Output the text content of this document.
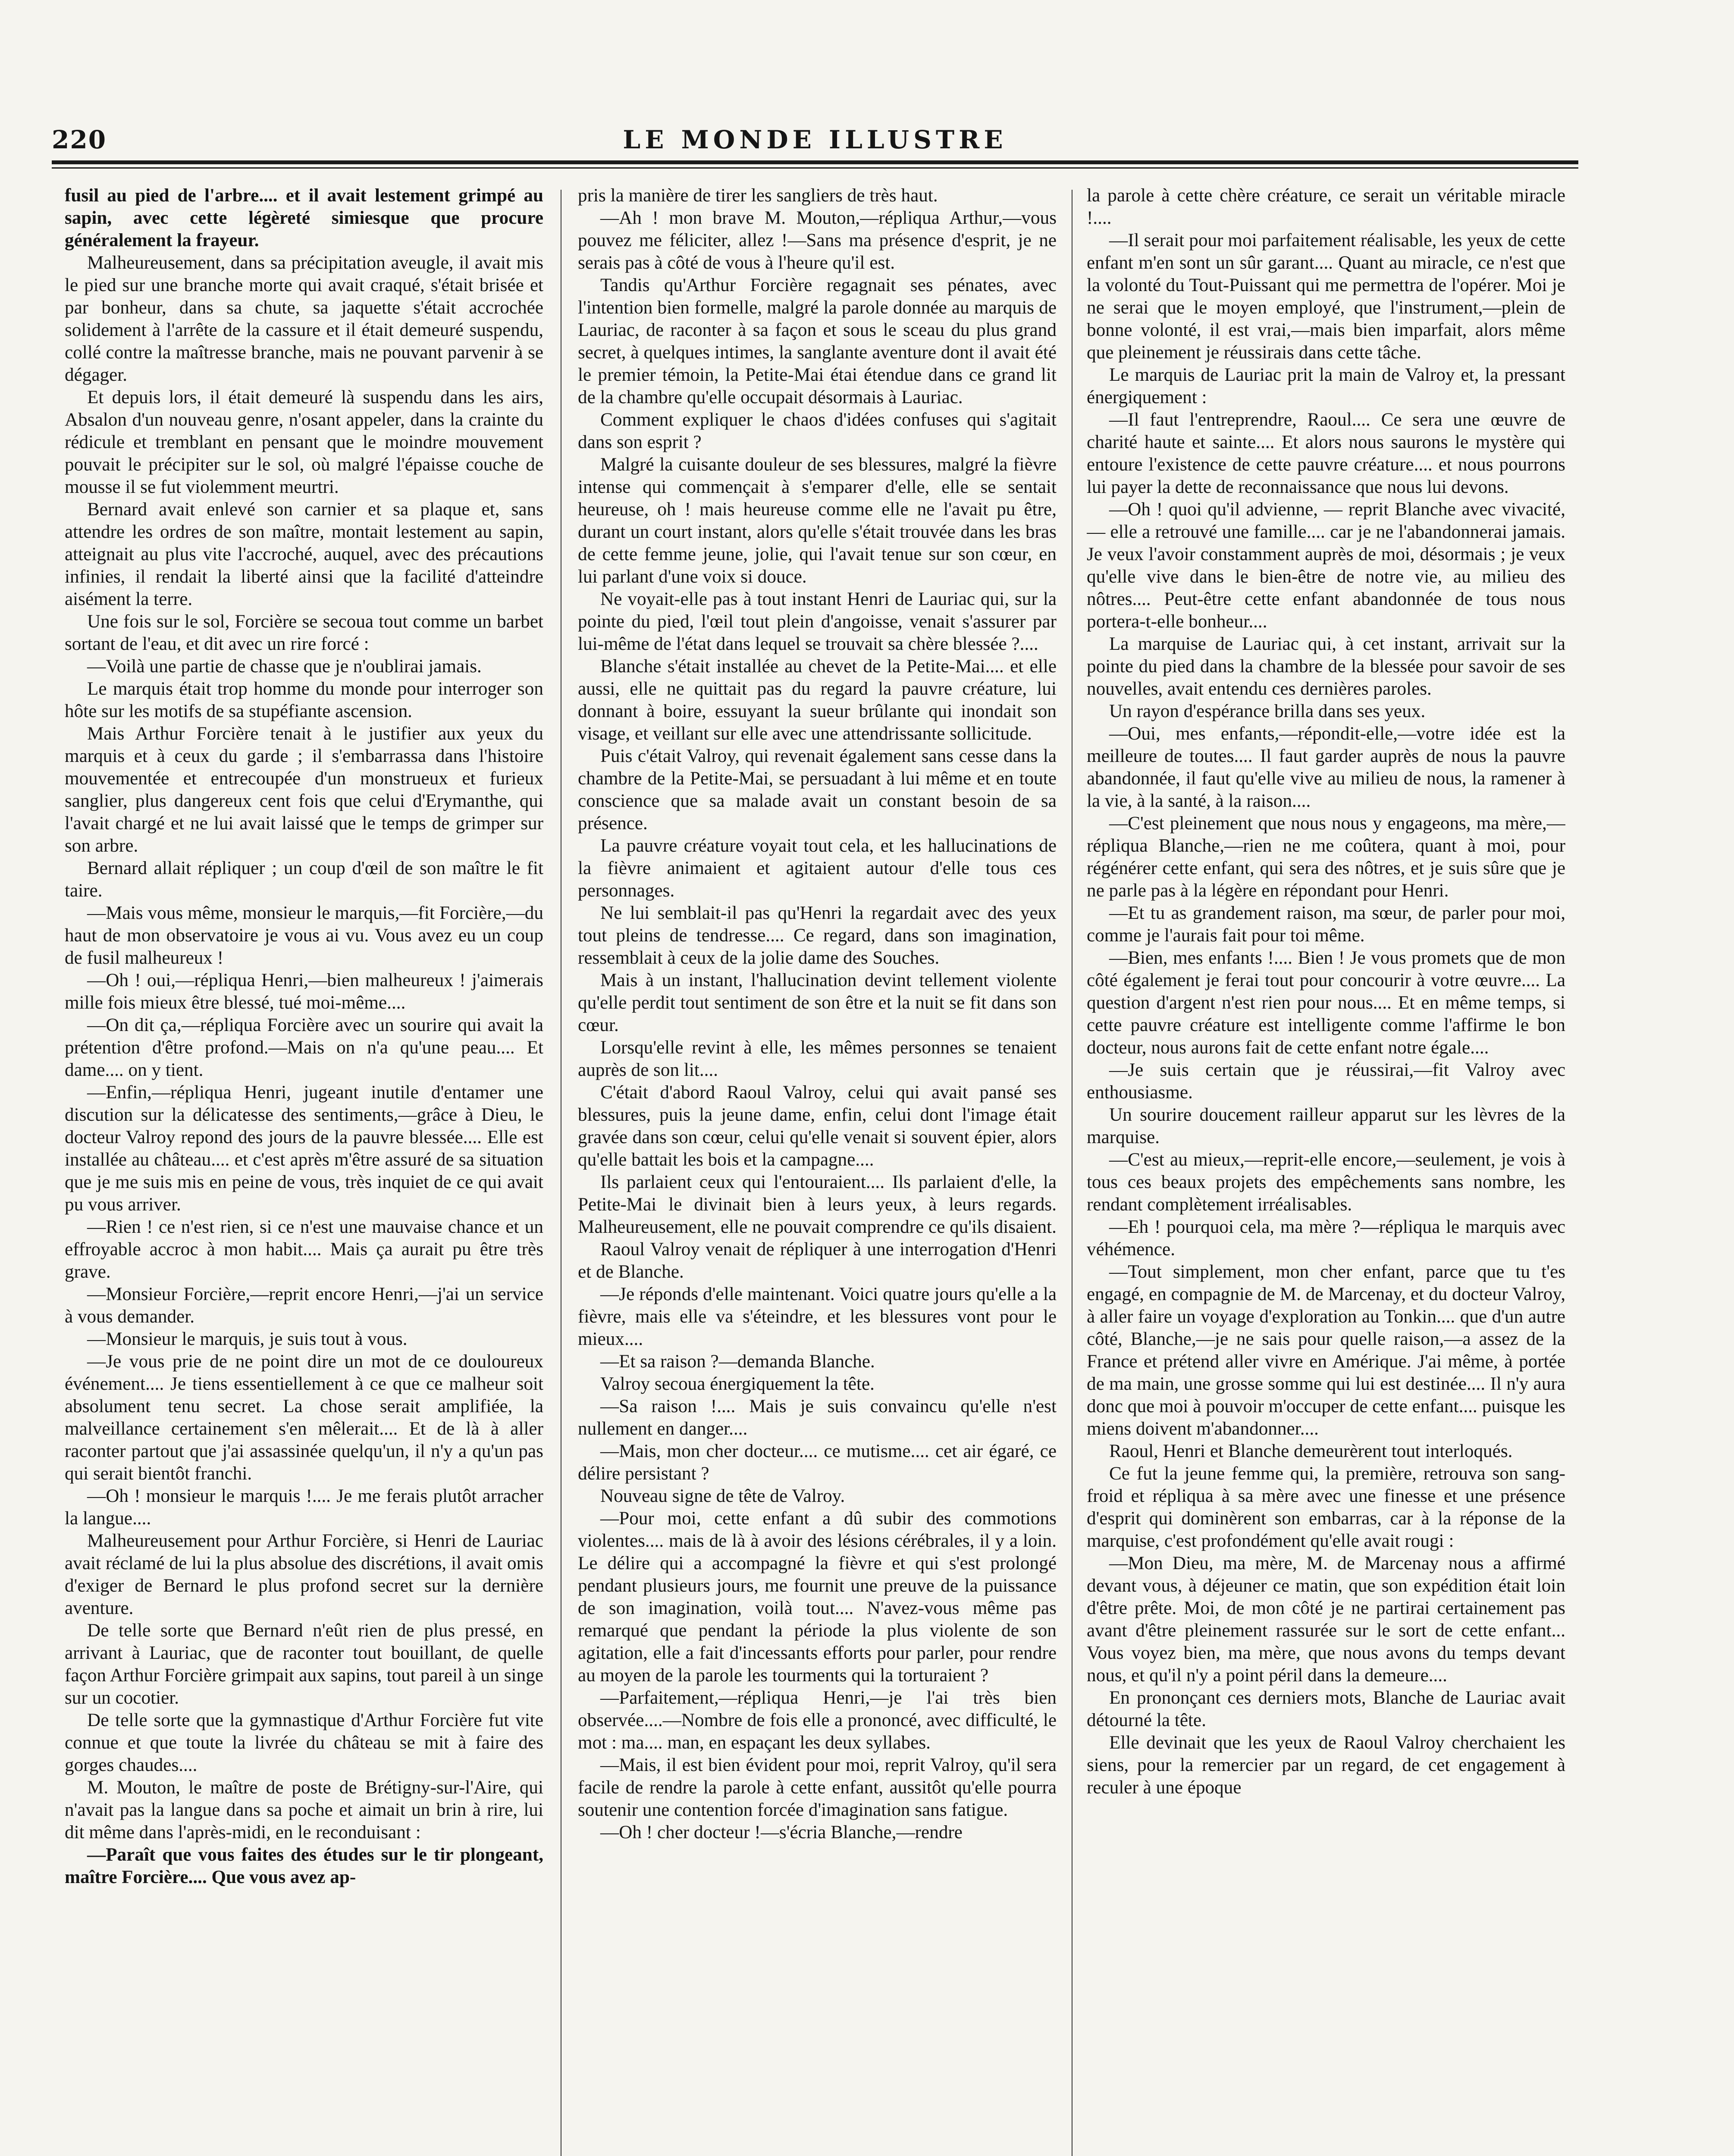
220	LE MONDE ILLUSTRE

fusil au pied de l'arbre.... et il avait lestement grimpé au sapin, avec cette légèreté simiesque que procure généralement la frayeur.

Malheureusement, dans sa précipitation aveugle, il avait mis le pied sur une branche morte qui avait craqué, s'était brisée et par bonheur, dans sa chute, sa jaquette s'était accrochée solidement à l'arrête de la cassure et il était demeuré suspendu, collé contre la maîtresse branche, mais ne pouvant parvenir à se dégager.

Et depuis lors, il était demeuré là suspendu dans les airs, Absalon d'un nouveau genre, n'osant appeler, dans la crainte du rédicule et tremblant en pensant que le moindre mouvement pouvait le précipiter sur le sol, où malgré l'épaisse couche de mousse il se fut violemment meurtri.

Bernard avait enlevé son carnier et sa plaque et, sans attendre les ordres de son maître, montait lestement au sapin, atteignait au plus vite l'accroché, auquel, avec des précautions infinies, il rendait la liberté ainsi que la facilité d'atteindre aisément la terre.

Une fois sur le sol, Forcière se secoua tout comme un barbet sortant de l'eau, et dit avec un rire forcé :

—Voilà une partie de chasse que je n'oublirai jamais.

Le marquis était trop homme du monde pour interroger son hôte sur les motifs de sa stupéfiante ascension.

Mais Arthur Forcière tenait à le justifier aux yeux du marquis et à ceux du garde ; il s'embarrassa dans l'histoire mouvementée et entrecoupée d'un monstrueux et furieux sanglier, plus dangereux cent fois que celui d'Erymanthe, qui l'avait chargé et ne lui avait laissé que le temps de grimper sur son arbre.

Bernard allait répliquer ; un coup d'œil de son maître le fit taire.

—Mais vous même, monsieur le marquis,—fit Forcière,—du haut de mon observatoire je vous ai vu. Vous avez eu un coup de fusil malheureux !

—Oh ! oui,—répliqua Henri,—bien malheureux ! j'aimerais mille fois mieux être blessé, tué moi-même....

—On dit ça,—répliqua Forcière avec un sourire qui avait la prétention d'être profond.—Mais on n'a qu'une peau.... Et dame.... on y tient.

—Enfin,—répliqua Henri, jugeant inutile d'entamer une discution sur la délicatesse des sentiments,—grâce à Dieu, le docteur Valroy repond des jours de la pauvre blessée.... Elle est installée au château.... et c'est après m'être assuré de sa situation que je me suis mis en peine de vous, très inquiet de ce qui avait pu vous arriver.

—Rien ! ce n'est rien, si ce n'est une mauvaise chance et un effroyable accroc à mon habit.... Mais ça aurait pu être très grave.

—Monsieur Forcière,—reprit encore Henri,—j'ai un service à vous demander.

—Monsieur le marquis, je suis tout à vous.

—Je vous prie de ne point dire un mot de ce douloureux événement.... Je tiens essentiellement à ce que ce malheur soit absolument tenu secret. La chose serait amplifiée, la malveillance certainement s'en mêlerait.... Et de là à aller raconter partout que j'ai assassinée quelqu'un, il n'y a qu'un pas qui serait bientôt franchi.

—Oh ! monsieur le marquis !.... Je me ferais plutôt arracher la langue....

Malheureusement pour Arthur Forcière, si Henri de Lauriac avait réclamé de lui la plus absolue des discrétions, il avait omis d'exiger de Bernard le plus profond secret sur la dernière aventure.

De telle sorte que Bernard n'eût rien de plus pressé, en arrivant à Lauriac, que de raconter tout bouillant, de quelle façon Arthur Forcière grimpait aux sapins, tout pareil à un singe sur un cocotier.

De telle sorte que la gymnastique d'Arthur Forcière fut vite connue et que toute la livrée du château se mit à faire des gorges chaudes....

M. Mouton, le maître de poste de Brétigny-sur-l'Aire, qui n'avait pas la langue dans sa poche et aimait un brin à rire, lui dit même dans l'après-midi, en le reconduisant :

—Paraît que vous faites des études sur le tir plongeant, maître Forcière.... Que vous avez ap-

pris la manière de tirer les sangliers de très haut.

—Ah ! mon brave M. Mouton,—répliqua Arthur,—vous pouvez me féliciter, allez !—Sans ma présence d'esprit, je ne serais pas à côté de vous à l'heure qu'il est.

Tandis qu'Arthur Forcière regagnait ses pénates, avec l'intention bien formelle, malgré la parole donnée au marquis de Lauriac, de raconter à sa façon et sous le sceau du plus grand secret, à quelques intimes, la sanglante aventure dont il avait été le premier témoin, la Petite-Mai étai étendue dans ce grand lit de la chambre qu'elle occupait désormais à Lauriac.

Comment expliquer le chaos d'idées confuses qui s'agitait dans son esprit ?

Malgré la cuisante douleur de ses blessures, malgré la fièvre intense qui commençait à s'emparer d'elle, elle se sentait heureuse, oh ! mais heureuse comme elle ne l'avait pu être, durant un court instant, alors qu'elle s'était trouvée dans les bras de cette femme jeune, jolie, qui l'avait tenue sur son cœur, en lui parlant d'une voix si douce.

Ne voyait-elle pas à tout instant Henri de Lauriac qui, sur la pointe du pied, l'œil tout plein d'angoisse, venait s'assurer par lui-même de l'état dans lequel se trouvait sa chère blessée ?....

Blanche s'était installée au chevet de la Petite-Mai.... et elle aussi, elle ne quittait pas du regard la pauvre créature, lui donnant à boire, essuyant la sueur brûlante qui inondait son visage, et veillant sur elle avec une attendrissante sollicitude.

Puis c'était Valroy, qui revenait également sans cesse dans la chambre de la Petite-Mai, se persuadant à lui même et en toute conscience que sa malade avait un constant besoin de sa présence.

La pauvre créature voyait tout cela, et les hallucinations de la fièvre animaient et agitaient autour d'elle tous ces personnages.

Ne lui semblait-il pas qu'Henri la regardait avec des yeux tout pleins de tendresse.... Ce regard, dans son imagination, ressemblait à ceux de la jolie dame des Souches.

Mais à un instant, l'hallucination devint tellement violente qu'elle perdit tout sentiment de son être et la nuit se fit dans son cœur.

Lorsqu'elle revint à elle, les mêmes personnes se tenaient auprès de son lit....

C'était d'abord Raoul Valroy, celui qui avait pansé ses blessures, puis la jeune dame, enfin, celui dont l'image était gravée dans son cœur, celui qu'elle venait si souvent épier, alors qu'elle battait les bois et la campagne....

Ils parlaient ceux qui l'entouraient.... Ils parlaient d'elle, la Petite-Mai le divinait bien à leurs yeux, à leurs regards. Malheureusement, elle ne pouvait comprendre ce qu'ils disaient.

Raoul Valroy venait de répliquer à une interrogation d'Henri et de Blanche.

—Je réponds d'elle maintenant. Voici quatre jours qu'elle a la fièvre, mais elle va s'éteindre, et les blessures vont pour le mieux....

—Et sa raison ?—demanda Blanche.

Valroy secoua énergiquement la tête.

—Sa raison !.... Mais je suis convaincu qu'elle n'est nullement en danger....

—Mais, mon cher docteur.... ce mutisme.... cet air égaré, ce délire persistant ?

Nouveau signe de tête de Valroy.

—Pour moi, cette enfant a dû subir des commotions violentes.... mais de là à avoir des lésions cérébrales, il y a loin. Le délire qui a accompagné la fièvre et qui s'est prolongé pendant plusieurs jours, me fournit une preuve de la puissance de son imagination, voilà tout.... N'avez-vous même pas remarqué que pendant la période la plus violente de son agitation, elle a fait d'incessants efforts pour parler, pour rendre au moyen de la parole les tourments qui la torturaient ?

—Parfaitement,—répliqua Henri,—je l'ai très bien observée....—Nombre de fois elle a prononcé, avec difficulté, le mot : ma.... man, en espaçant les deux syllabes.

—Mais, il est bien évident pour moi, reprit Valroy, qu'il sera facile de rendre la parole à cette enfant, aussitôt qu'elle pourra soutenir une contention forcée d'imagination sans fatigue.

—Oh ! cher docteur !—s'écria Blanche,—rendre

la parole à cette chère créature, ce serait un véritable miracle !....

—Il serait pour moi parfaitement réalisable, les yeux de cette enfant m'en sont un sûr garant.... Quant au miracle, ce n'est que la volonté du Tout-Puissant qui me permettra de l'opérer. Moi je ne serai que le moyen employé, que l'instrument,—plein de bonne volonté, il est vrai,—mais bien imparfait, alors même que pleinement je réussirais dans cette tâche.

Le marquis de Lauriac prit la main de Valroy et, la pressant énergiquement :

—Il faut l'entreprendre, Raoul.... Ce sera une œuvre de charité haute et sainte.... Et alors nous saurons le mystère qui entoure l'existence de cette pauvre créature.... et nous pourrons lui payer la dette de reconnaissance que nous lui devons.

—Oh ! quoi qu'il advienne, — reprit Blanche avec vivacité, — elle a retrouvé une famille.... car je ne l'abandonnerai jamais. Je veux l'avoir constamment auprès de moi, désormais ; je veux qu'elle vive dans le bien-être de notre vie, au milieu des nôtres.... Peut-être cette enfant abandonnée de tous nous portera-t-elle bonheur....

La marquise de Lauriac qui, à cet instant, arrivait sur la pointe du pied dans la chambre de la blessée pour savoir de ses nouvelles, avait entendu ces dernières paroles.

Un rayon d'espérance brilla dans ses yeux.

—Oui, mes enfants,—répondit-elle,—votre idée est la meilleure de toutes.... Il faut garder auprès de nous la pauvre abandonnée, il faut qu'elle vive au milieu de nous, la ramener à la vie, à la santé, à la raison....

—C'est pleinement que nous nous y engageons, ma mère,—répliqua Blanche,—rien ne me coûtera, quant à moi, pour régénérer cette enfant, qui sera des nôtres, et je suis sûre que je ne parle pas à la légère en répondant pour Henri.

—Et tu as grandement raison, ma sœur, de parler pour moi, comme je l'aurais fait pour toi même.

—Bien, mes enfants !.... Bien ! Je vous promets que de mon côté également je ferai tout pour concourir à votre œuvre.... La question d'argent n'est rien pour nous.... Et en même temps, si cette pauvre créature est intelligente comme l'affirme le bon docteur, nous aurons fait de cette enfant notre égale....

—Je suis certain que je réussirai,—fit Valroy avec enthousiasme.

Un sourire doucement railleur apparut sur les lèvres de la marquise.

—C'est au mieux,—reprit-elle encore,—seulement, je vois à tous ces beaux projets des empêchements sans nombre, les rendant complètement irréalisables.

—Eh ! pourquoi cela, ma mère ?—répliqua le marquis avec véhémence.

—Tout simplement, mon cher enfant, parce que tu t'es engagé, en compagnie de M. de Marcenay, et du docteur Valroy, à aller faire un voyage d'exploration au Tonkin.... que d'un autre côté, Blanche,—je ne sais pour quelle raison,—a assez de la France et prétend aller vivre en Amérique. J'ai même, à portée de ma main, une grosse somme qui lui est destinée.... Il n'y aura donc que moi à pouvoir m'occuper de cette enfant.... puisque les miens doivent m'abandonner....

Raoul, Henri et Blanche demeurèrent tout interloqués.

Ce fut la jeune femme qui, la première, retrouva son sang-froid et répliqua à sa mère avec une finesse et une présence d'esprit qui dominèrent son embarras, car à la réponse de la marquise, c'est profondément qu'elle avait rougi :

—Mon Dieu, ma mère, M. de Marcenay nous a affirmé devant vous, à déjeuner ce matin, que son expédition était loin d'être prête. Moi, de mon côté je ne partirai certainement pas avant d'être pleinement rassurée sur le sort de cette enfant... Vous voyez bien, ma mère, que nous avons du temps devant nous, et qu'il n'y a point péril dans la demeure....

En prononçant ces derniers mots, Blanche de Lauriac avait détourné la tête.

Elle devinait que les yeux de Raoul Valroy cherchaient les siens, pour la remercier par un regard, de cet engagement à reculer à une époque
